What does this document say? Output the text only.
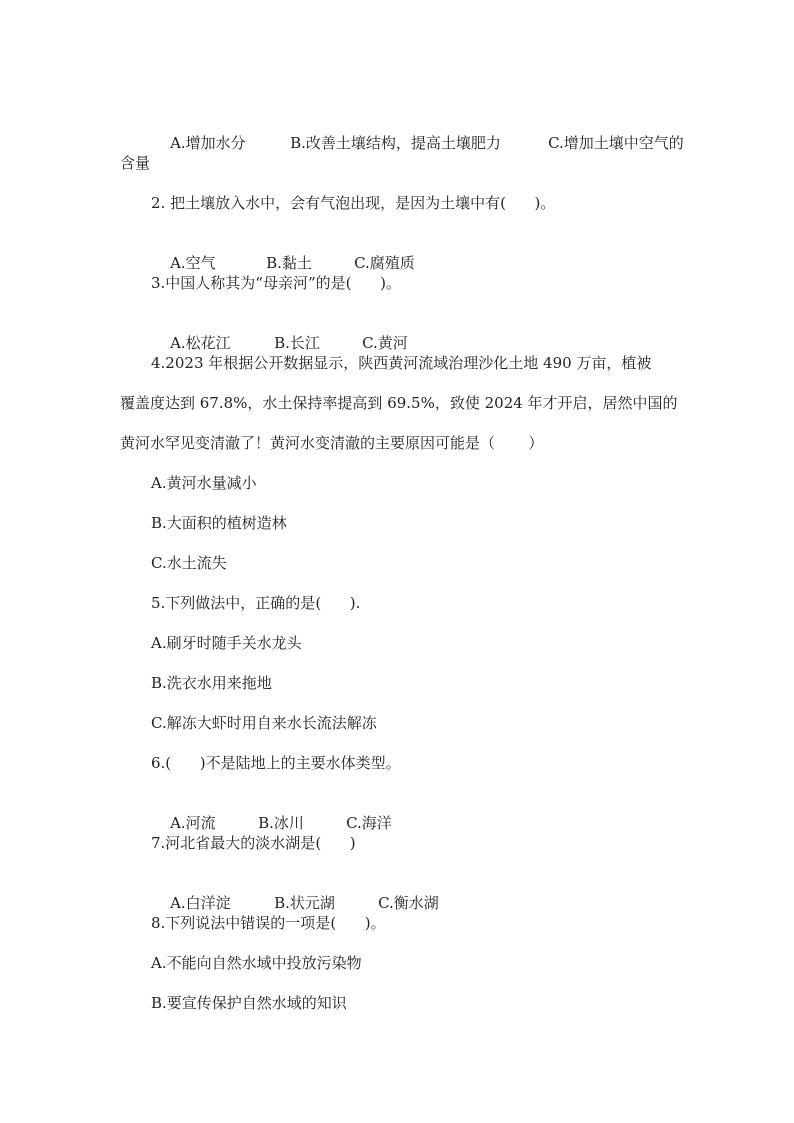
A.增加水分	B.改善土壤结构，提高土壤肥力	C.增加土壤中空气的

含量
2. 把土壤放入水中，会有气泡出现，是因为土壤中有(      )。

A.空气	B.黏土	C.腐殖质

3.中国人称其为“母亲河”的是(      )。

A.松花江	B.长江	C.黄河

4.2023 年根据公开数据显示，陕西黄河流域治理沙化土地 490 万亩，植被
覆盖度达到 67.8%，水土保持率提高到 69.5%，致使 2024 年才开启，居然中国的
黄河水罕见变清澈了！黄河水变清澈的主要原因可能是（       ）
A.黄河水量减小
B.大面积的植树造林
C.水土流失
5.下列做法中，正确的是(      ).
A.刷牙时随手关水龙头
B.洗衣水用来拖地
C.解冻大虾时用自来水长流法解冻
6.(      )不是陆地上的主要水体类型。

A.河流	B.冰川	C.海洋

7.河北省最大的淡水湖是(      )

A.白洋淀	B.状元湖	C.衡水湖

8.下列说法中错误的一项是(      )。
A.不能向自然水域中投放污染物
B.要宣传保护自然水域的知识
